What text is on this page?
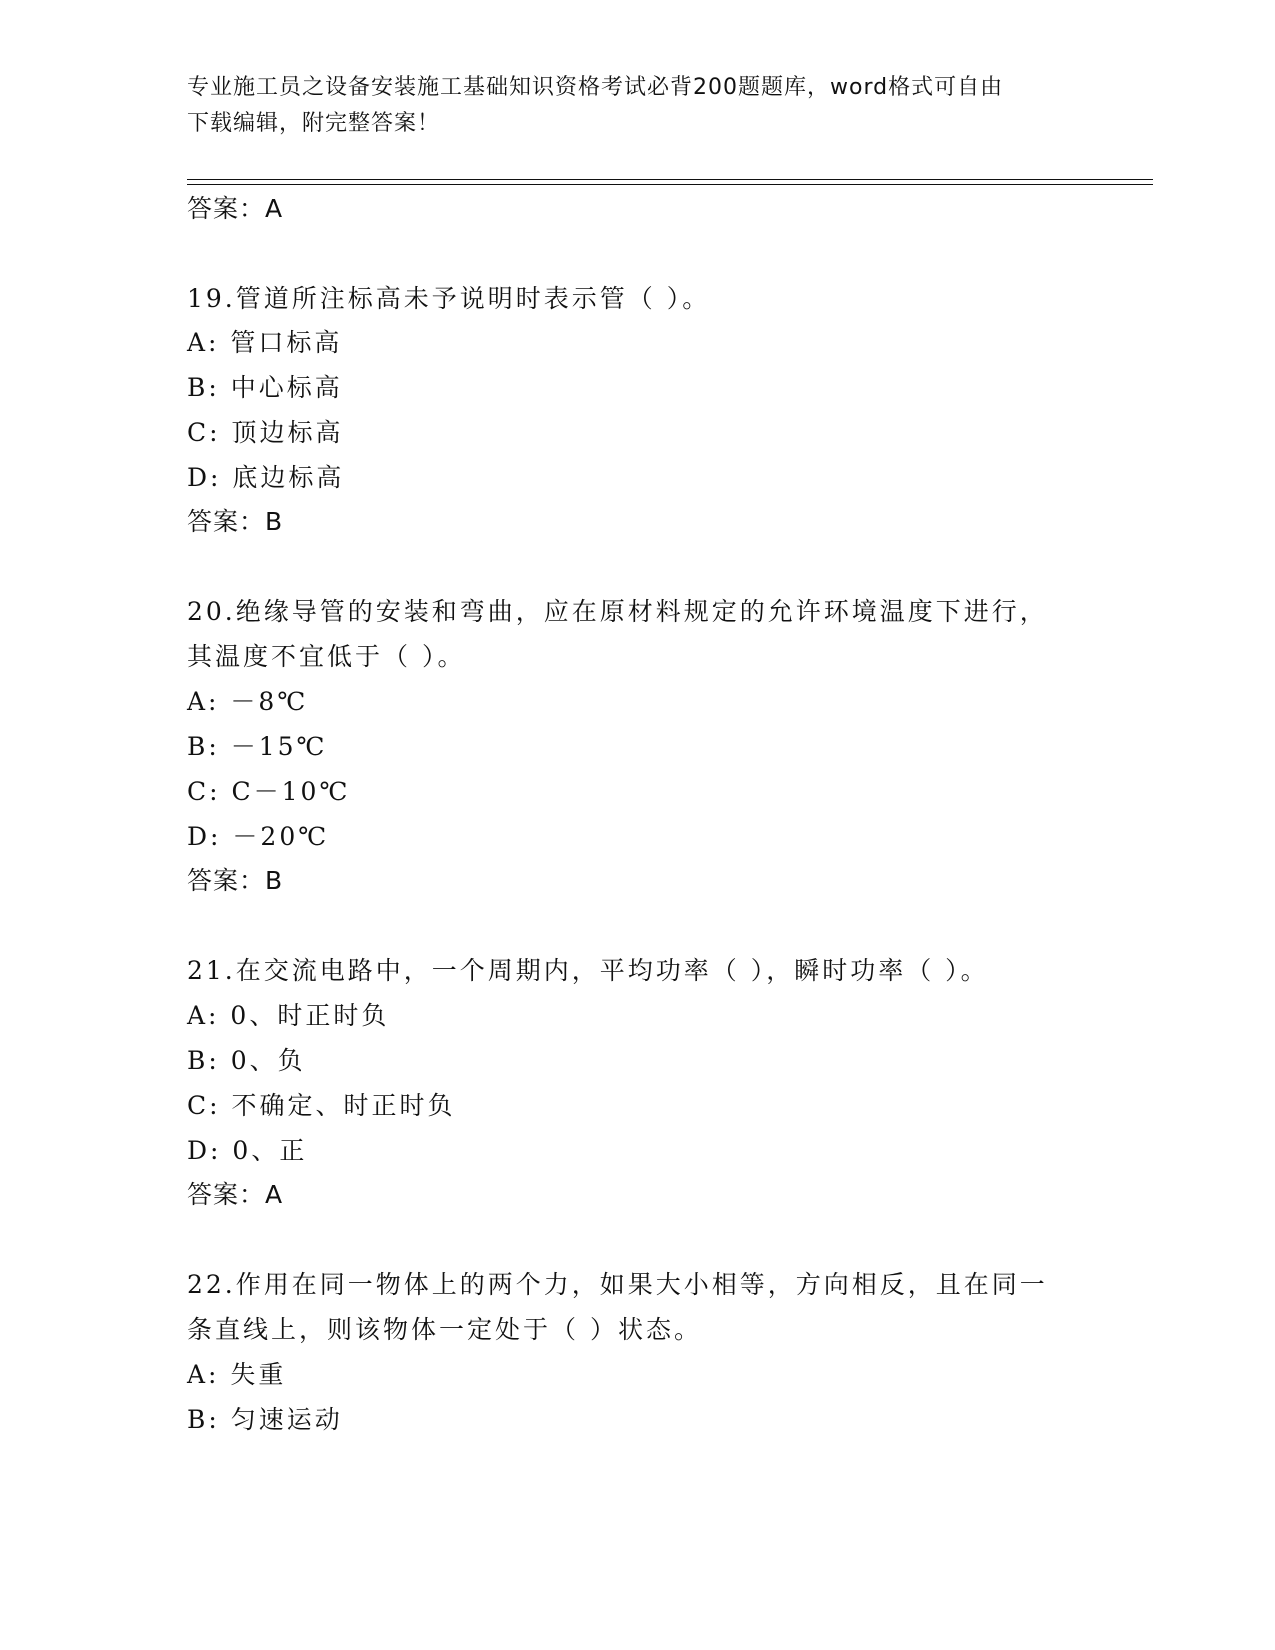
专业施工员之设备安装施工基础知识资格考试必背200题题库，word格式可自由
下载编辑，附完整答案！
答案：A
19.管道所注标高未予说明时表示管（ ）。
A: 管口标高
B: 中心标高
C: 顶边标高
D: 底边标高
答案：B
20.绝缘导管的安装和弯曲，应在原材料规定的允许环境温度下进行，
其温度不宜低于（ ）。
A: －8℃
B: －15℃
C: C－10℃
D: －20℃
答案：B
21.在交流电路中，一个周期内，平均功率（ ），瞬时功率（ ）。
A: 0、时正时负
B: 0、负
C: 不确定、时正时负
D: 0、正
答案：A
22.作用在同一物体上的两个力，如果大小相等，方向相反，且在同一
条直线上，则该物体一定处于（ ）状态。
A: 失重
B: 匀速运动
